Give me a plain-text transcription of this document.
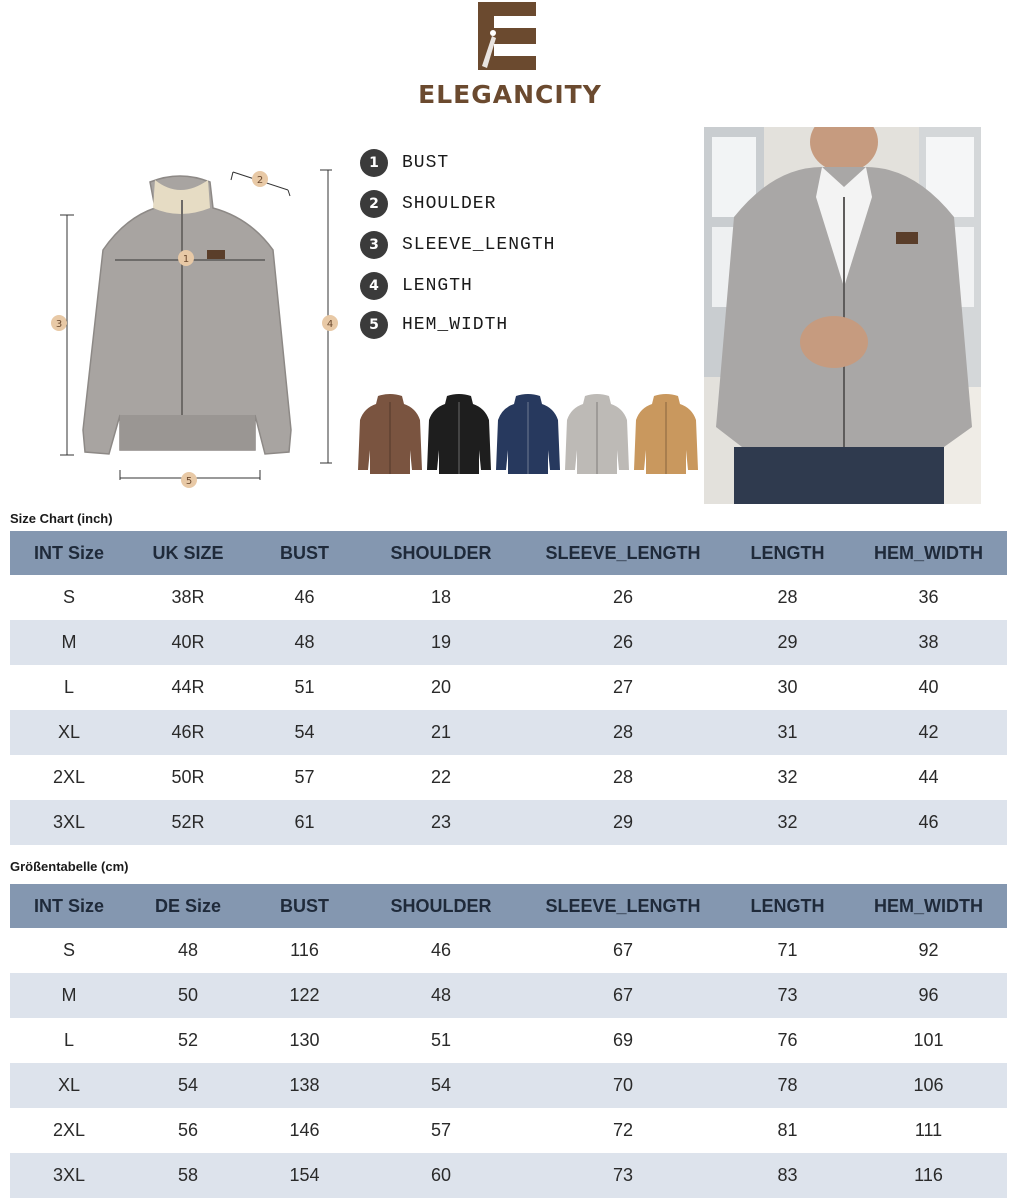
ELEGANCITY
1
2
3	4
5
1	BUST
2	SHOULDER
3	SLEEVE_LENGTH
4	LENGTH
5	HEM_WIDTH
Size Chart (inch)
INT Size	UK SIZE	BUST	SHOULDER	SLEEVE_LENGTH	LENGTH	HEM_WIDTH
S	38R	46	18	26	28	36
M	40R	48	19	26	29	38
L	44R	51	20	27	30	40
XL	46R	54	21	28	31	42
2XL	50R	57	22	28	32	44
3XL	52R	61	23	29	32	46
Größentabelle (cm)
INT Size	DE Size	BUST	SHOULDER	SLEEVE_LENGTH	LENGTH	HEM_WIDTH
S	48	116	46	67	71	92
M	50	122	48	67	73	96
L	52	130	51	69	76	101
XL	54	138	54	70	78	106
2XL	56	146	57	72	81	111
3XL	58	154	60	73	83	116
